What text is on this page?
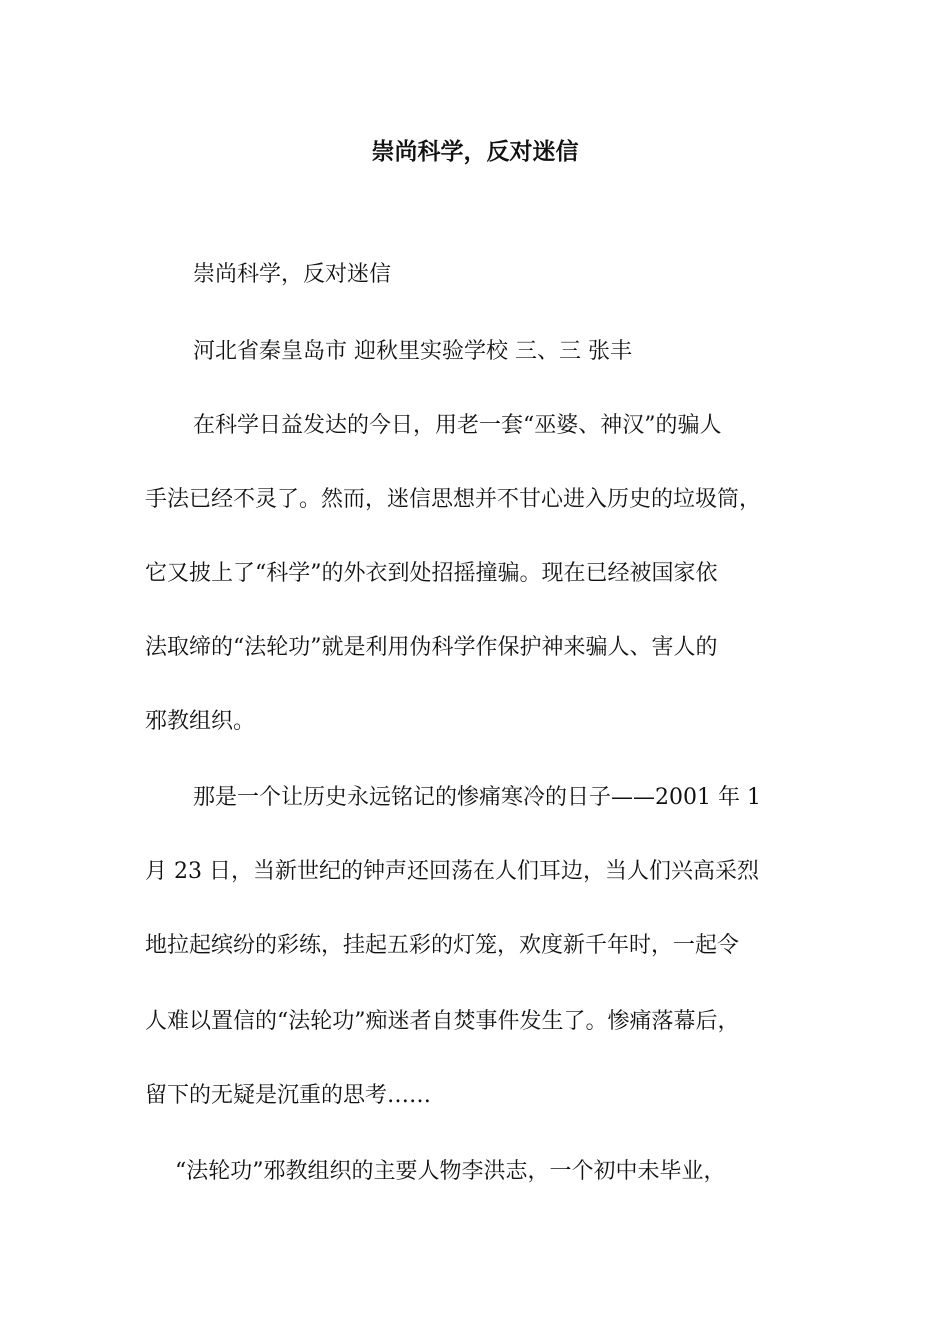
崇尚科学，反对迷信
崇尚科学，反对迷信
河北省秦皇岛市 迎秋里实验学校 三、三 张丰
在科学日益发达的今日，用老一套“巫婆、神汉”的骗人
手法已经不灵了。然而，迷信思想并不甘心进入历史的垃圾筒，
它又披上了“科学”的外衣到处招摇撞骗。现在已经被国家依
法取缔的“法轮功”就是利用伪科学作保护神来骗人、害人的
邪教组织。
那是一个让历史永远铭记的惨痛寒冷的日子——2001 年 1
月 23 日，当新世纪的钟声还回荡在人们耳边，当人们兴高采烈
地拉起缤纷的彩练，挂起五彩的灯笼，欢度新千年时，一起令
人难以置信的“法轮功”痴迷者自焚事件发生了。惨痛落幕后，
留下的无疑是沉重的思考……
“法轮功”邪教组织的主要人物李洪志，一个初中未毕业，
